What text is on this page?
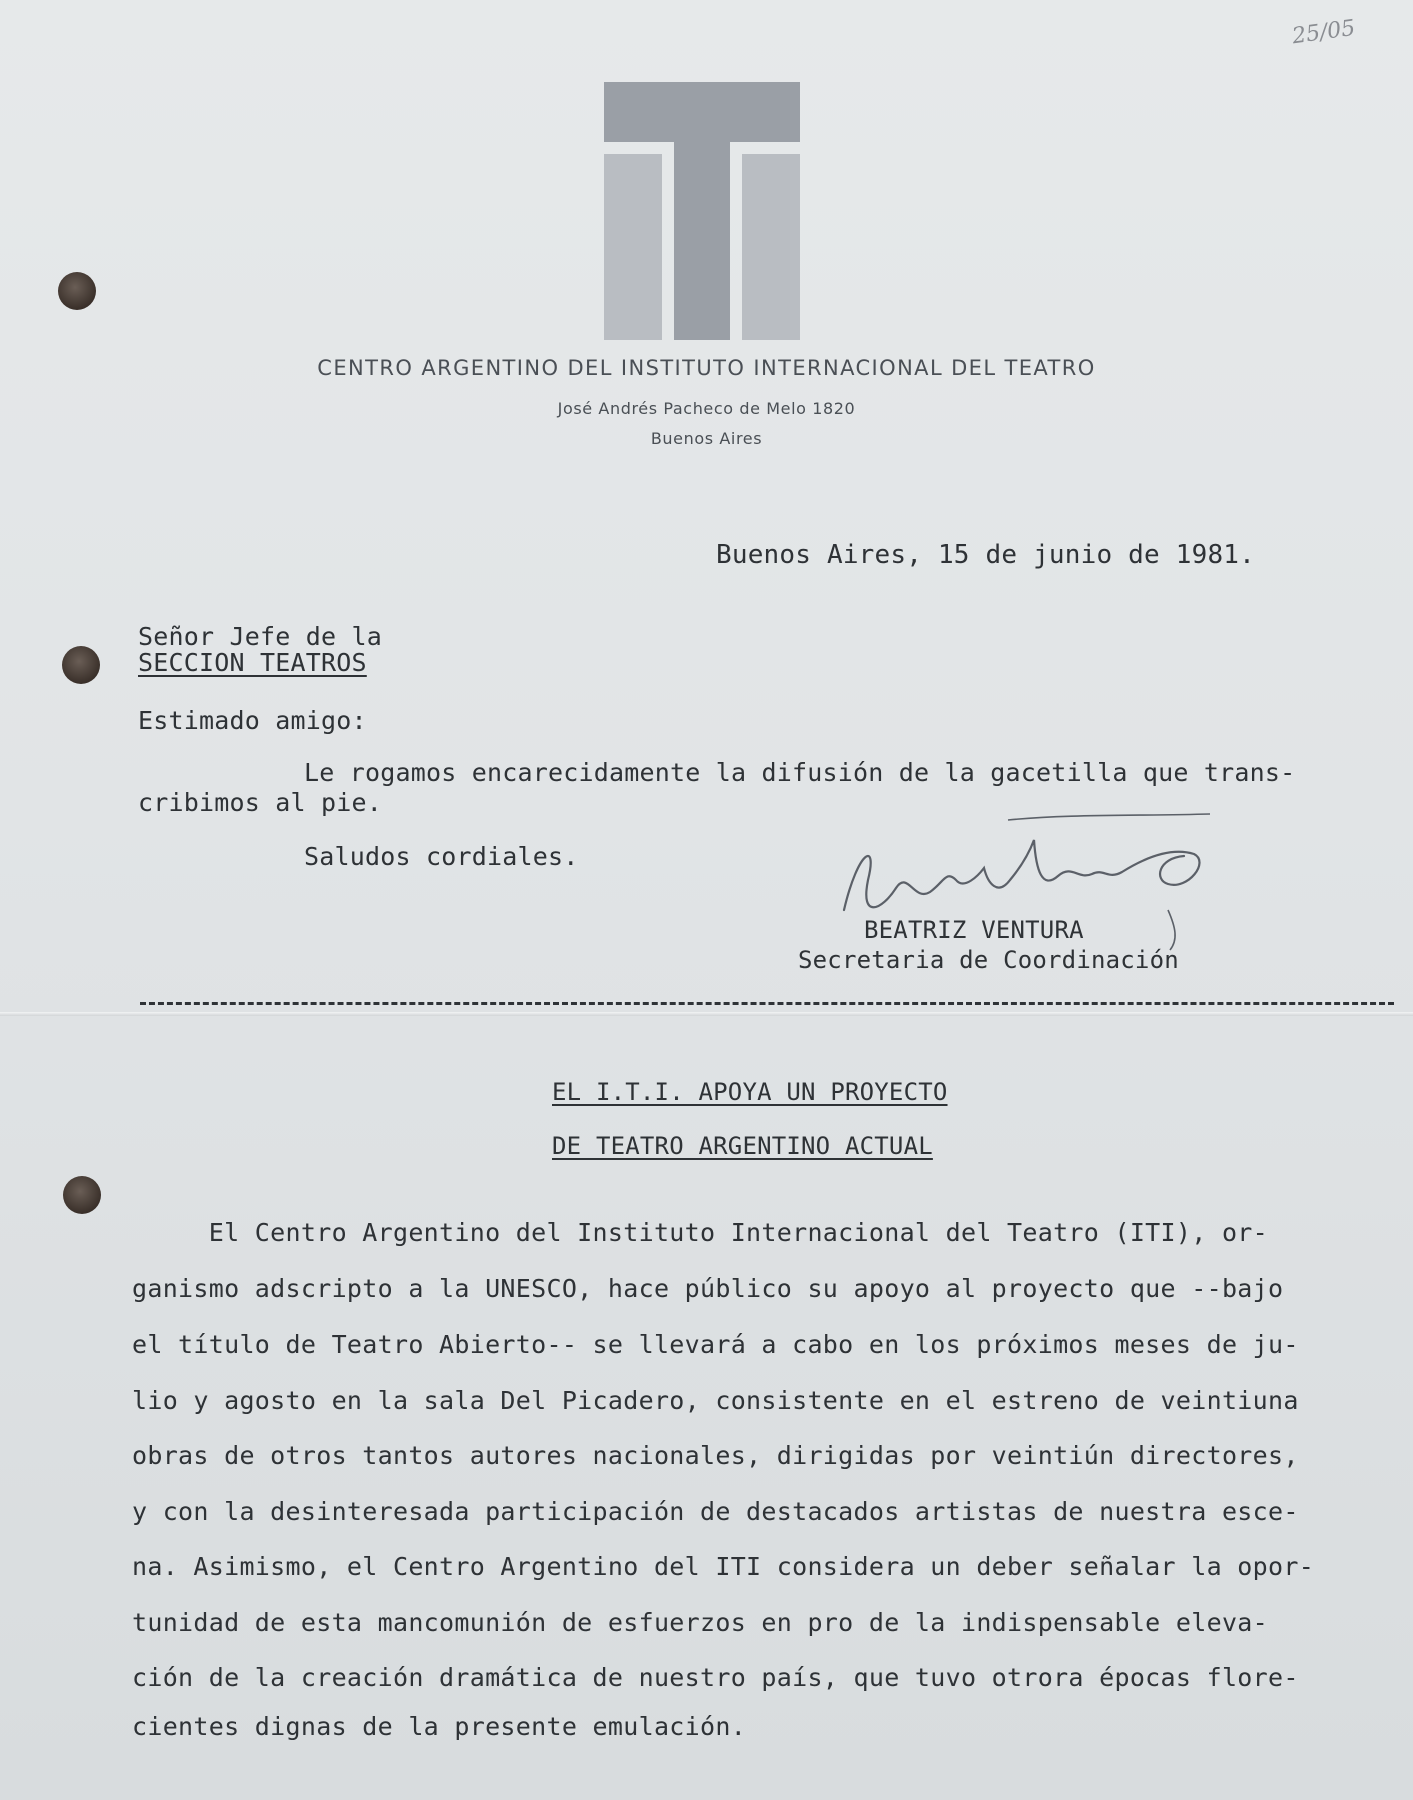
25/05
CENTRO ARGENTINO DEL INSTITUTO INTERNACIONAL DEL TEATRO
José Andrés Pacheco de Melo 1820
Buenos Aires
Buenos Aires, 15 de junio de 1981.
Señor Jefe de la
SECCION TEATROS
Estimado amigo:
Le rogamos encarecidamente la difusión de la gacetilla que trans-
cribimos al pie.
Saludos cordiales.
BEATRIZ VENTURA
Secretaria de Coordinación
EL I.T.I. APOYA UN PROYECTO
DE TEATRO ARGENTINO ACTUAL
El Centro Argentino del Instituto Internacional del Teatro (ITI), or-
ganismo adscripto a la UNESCO, hace público su apoyo al proyecto que --bajo
el título de Teatro Abierto-- se llevará a cabo en los próximos meses de ju-
lio y agosto en la sala Del Picadero, consistente en el estreno de veintiuna
obras de otros tantos autores nacionales, dirigidas por veintiún directores,
y con la desinteresada participación de destacados artistas de nuestra esce-
na. Asimismo, el Centro Argentino del ITI considera un deber señalar la opor-
tunidad de esta mancomunión de esfuerzos en pro de la indispensable eleva-
ción de la creación dramática de nuestro país, que tuvo otrora épocas flore-
cientes dignas de la presente emulación.
